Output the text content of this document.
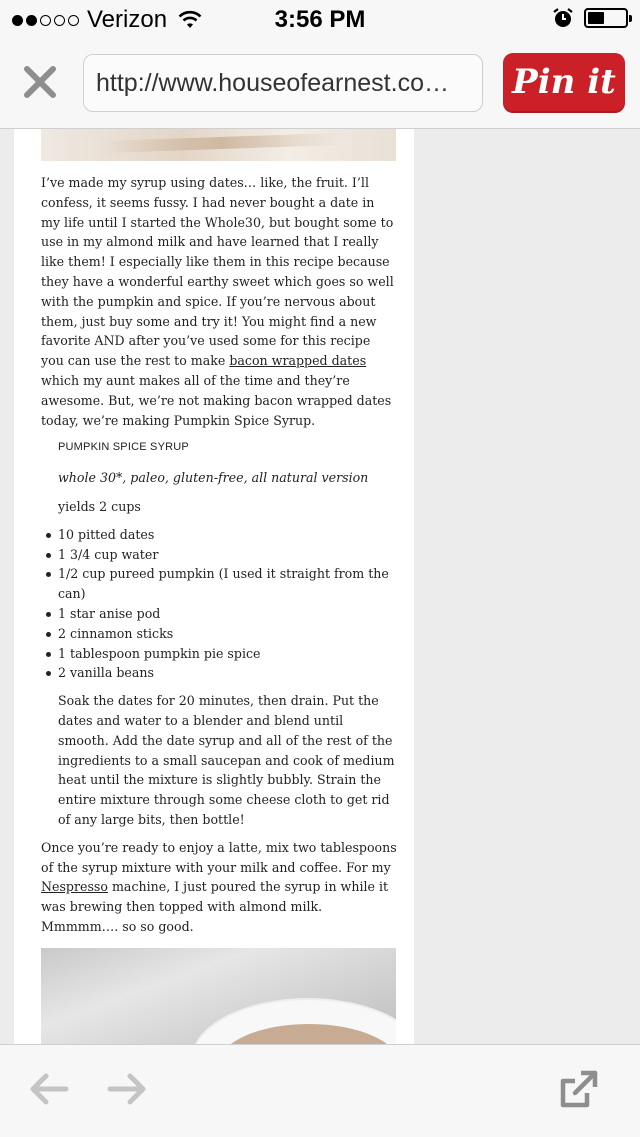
Verizon	3:56 PM
http://www.houseofearnest.co…	Pin it

I’ve made my syrup using dates… like, the fruit. I’ll confess, it seems fussy. I had never bought a date in my life until I started the Whole30, but bought some to use in my almond milk and have learned that I really like them! I especially like them in this recipe because they have a wonderful earthy sweet which goes so well with the pumpkin and spice. If you’re nervous about them, just buy some and try it! You might find a new favorite AND after you’ve used some for this recipe you can use the rest to make bacon wrapped dates which my aunt makes all of the time and they’re awesome. But, we’re not making bacon wrapped dates today, we’re making Pumpkin Spice Syrup.

PUMPKIN SPICE SYRUP
whole 30*, paleo, gluten-free, all natural version
yields 2 cups
10 pitted dates
1 3/4 cup water
1/2 cup pureed pumpkin (I used it straight from the can)
1 star anise pod
2 cinnamon sticks
1 tablespoon pumpkin pie spice
2 vanilla beans

Soak the dates for 20 minutes, then drain. Put the dates and water to a blender and blend until smooth. Add the date syrup and all of the rest of the ingredients to a small saucepan and cook of medium heat until the mixture is slightly bubbly. Strain the entire mixture through some cheese cloth to get rid of any large bits, then bottle!

Once you’re ready to enjoy a latte, mix two tablespoons of the syrup mixture with your milk and coffee. For my Nespresso machine, I just poured the syrup in while it was brewing then topped with almond milk. Mmmmm…. so so good.
